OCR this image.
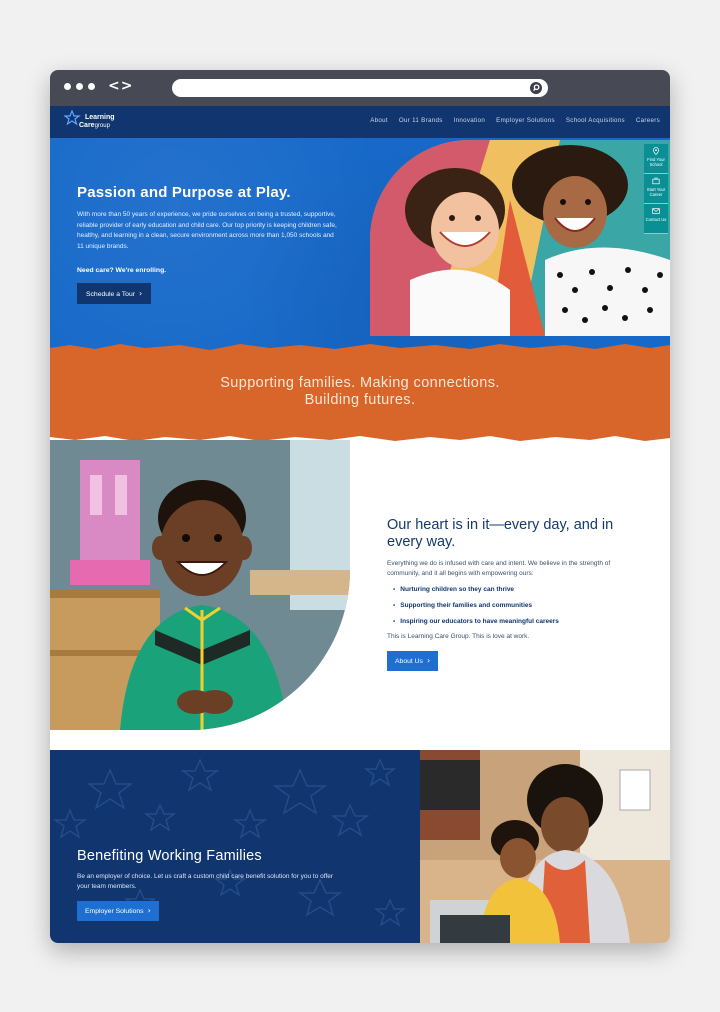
<>
Learning
Caregroup
About Our 11 Brands Innovation Employer Solutions School Acquisitions Careers
Find Your School
Start Your Career
Contact Us
Passion and Purpose at Play.
With more than 50 years of experience, we pride ourselves on being a trusted, supportive, reliable provider of early education and child care. Our top priority is keeping children safe, healthy, and learning in a clean, secure environment across more than 1,050 schools and 11 unique brands.
Need care? We're enrolling.
Schedule a Tour ›
Supporting families. Making connections.
Building futures.
Our heart is in it—every day, and in every way.
Everything we do is infused with care and intent. We believe in the strength of community, and it all begins with empowering ours:
• Nurturing children so they can thrive
• Supporting their families and communities
• Inspiring our educators to have meaningful careers
This is Learning Care Group. This is love at work.
About Us ›
Benefiting Working Families
Be an employer of choice. Let us craft a custom child care benefit solution for you to offer your team members.
Employer Solutions ›
